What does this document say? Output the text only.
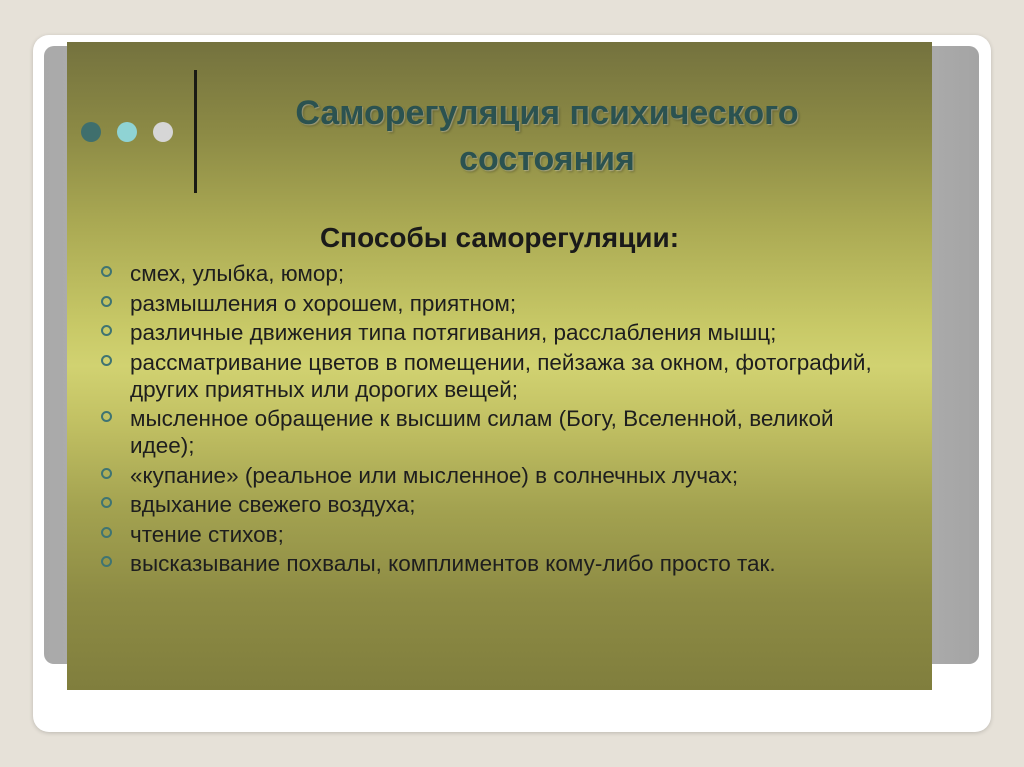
Саморегуляция психического состояния
Способы саморегуляции:
смех, улыбка, юмор;
размышления о хорошем, приятном;
различные движения типа потягивания, расслабления мышц;
рассматривание цветов в помещении, пейзажа за окном, фотографий, других приятных или дорогих вещей;
мысленное обращение к высшим силам (Богу, Вселенной, великой идее);
«купание» (реальное или мысленное) в солнечных лучах;
вдыхание свежего воздуха;
чтение стихов;
высказывание похвалы, комплиментов кому-либо просто так.
